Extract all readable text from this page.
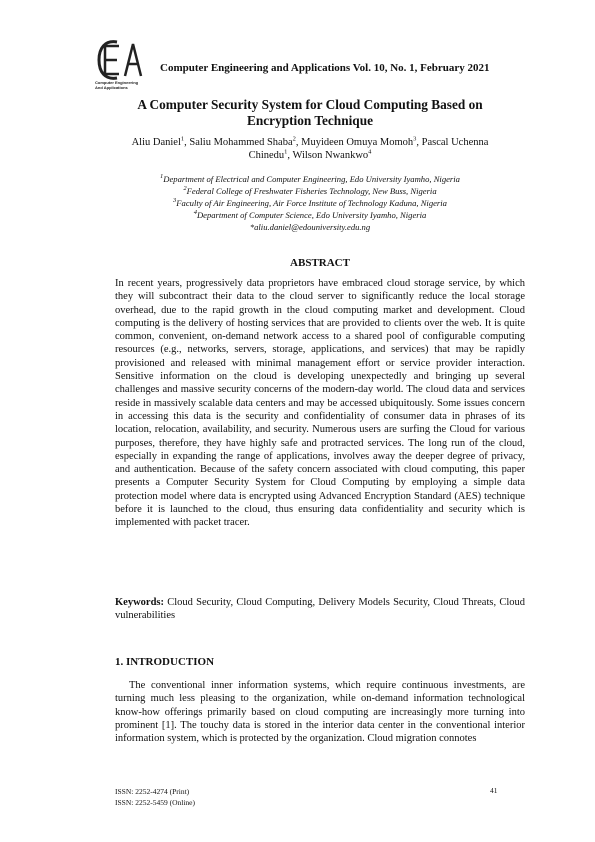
Computer Engineering
And Applications
Computer Engineering and Applications Vol. 10, No. 1, February 2021
A Computer Security System for Cloud Computing Based on Encryption Technique
Aliu Daniel$^1$, Saliu Mohammed Shaba$^2$, Muyideen Omuya Momoh$^3$, Pascal Uchenna Chinedu$^1$, Wilson Nwankwo$^4$
$^1$Department of Electrical and Computer Engineering, Edo University Iyamho, Nigeria
$^2$Federal College of Freshwater Fisheries Technology, New Buss, Nigeria
$^3$Faculty of Air Engineering, Air Force Institute of Technology Kaduna, Nigeria
$^4$Department of Computer Science, Edo University Iyamho, Nigeria
*aliu.daniel@edouniversity.edu.ng
ABSTRACT
In recent years, progressively data proprietors have embraced cloud storage service, by which they will subcontract their data to the cloud server to significantly reduce the local storage overhead, due to the rapid growth in the cloud computing market and development. Cloud computing is the delivery of hosting services that are provided to clients over the web. It is quite common, convenient, on-demand network access to a shared pool of configurable computing resources (e.g., networks, servers, storage, applications, and services) that may be rapidly provisioned and released with minimal management effort or service provider interaction. Sensitive information on the cloud is developing unexpectedly and bringing up several challenges and massive security concerns of the modern-day world. The cloud data and services reside in massively scalable data centers and may be accessed ubiquitously. Some issues concern in accessing this data is the security and confidentiality of consumer data in phrases of its location, relocation, availability, and security. Numerous users are surfing the Cloud for various purposes, therefore, they have highly safe and protracted services. The long run of the cloud, especially in expanding the range of applications, involves away the deeper degree of privacy, and authentication. Because of the safety concern associated with cloud computing, this paper presents a Computer Security System for Cloud Computing by employing a simple data protection model where data is encrypted using Advanced Encryption Standard (AES) technique before it is launched to the cloud, thus ensuring data confidentiality and security which is implemented with packet tracer.
Keywords: Cloud Security, Cloud Computing, Delivery Models Security, Cloud Threats, Cloud vulnerabilities
1. INTRODUCTION
The conventional inner information systems, which require continuous investments, are turning much less pleasing to the organization, while on-demand information technological know-how offerings primarily based on cloud computing are increasingly more turning into prominent [1]. The touchy data is stored in the interior data center in the conventional interior information system, which is protected by the organization. Cloud migration connotes
ISSN: 2252-4274 (Print)
ISSN: 2252-5459 (Online)
41
